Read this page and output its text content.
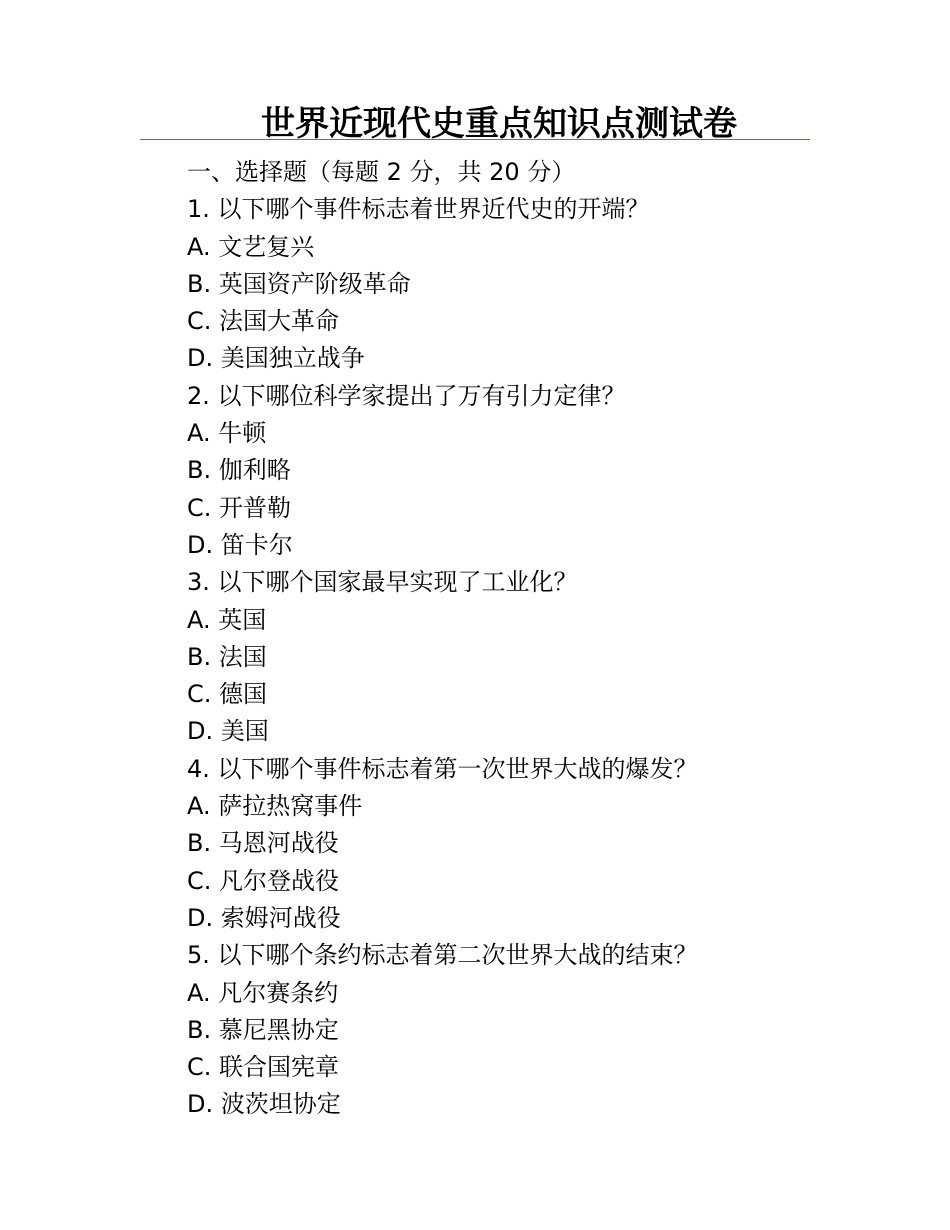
世界近现代史重点知识点测试卷

一、选择题（每题 2 分，共 20 分）

1. 以下哪个事件标志着世界近代史的开端？

A. 文艺复兴

B. 英国资产阶级革命

C. 法国大革命

D. 美国独立战争

2. 以下哪位科学家提出了万有引力定律？

A. 牛顿

B. 伽利略

C. 开普勒

D. 笛卡尔

3. 以下哪个国家最早实现了工业化？

A. 英国

B. 法国

C. 德国

D. 美国

4. 以下哪个事件标志着第一次世界大战的爆发？

A. 萨拉热窝事件

B. 马恩河战役

C. 凡尔登战役

D. 索姆河战役

5. 以下哪个条约标志着第二次世界大战的结束？

A. 凡尔赛条约

B. 慕尼黑协定

C. 联合国宪章

D. 波茨坦协定
